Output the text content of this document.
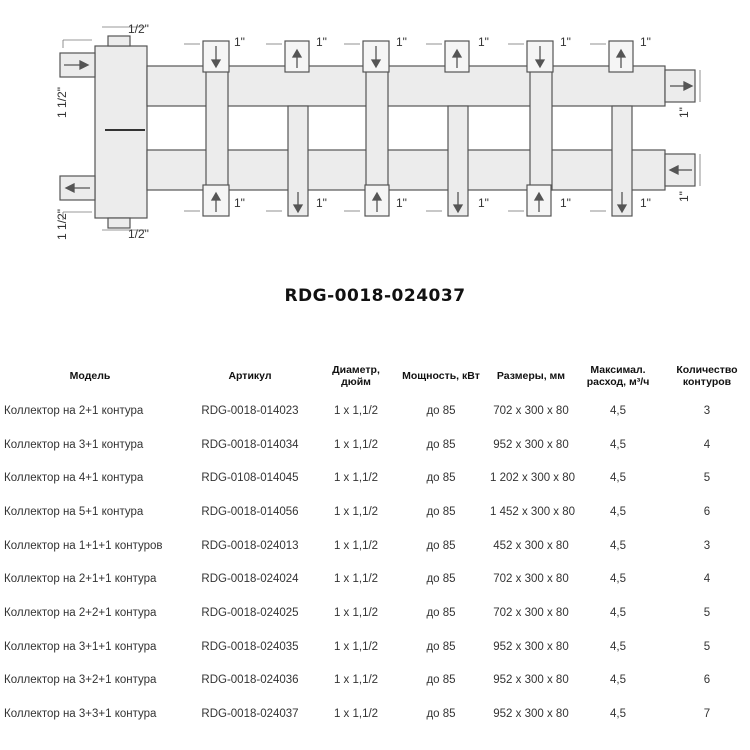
1/2"
1/2"
1 1/2"
1 1/2"
1"	1"	1"	1"	1"	1"
1"	1"	1"	1"	1"	1"
1"
1"
RDG-0018-024037
Модель	Артикул	Диаметр, дюйм	Мощность, кВт	Размеры, мм	Максимал. расход, м³/ч	Количество контуров
Коллектор на 2+1 контура	RDG-0018-014023	1 x 1,1/2	до 85	702 x 300 x 80	4,5	3
Коллектор на 3+1 контура	RDG-0018-014034	1 x 1,1/2	до 85	952 x 300 x 80	4,5	4
Коллектор на 4+1 контура	RDG-0108-014045	1 x 1,1/2	до 85	1 202 x 300 x 80	4,5	5
Коллектор на 5+1 контура	RDG-0018-014056	1 x 1,1/2	до 85	1 452 x 300 x 80	4,5	6
Коллектор на 1+1+1 контуров	RDG-0018-024013	1 x 1,1/2	до 85	452 x 300 x 80	4,5	3
Коллектор на 2+1+1 контура	RDG-0018-024024	1 x 1,1/2	до 85	702 x 300 x 80	4,5	4
Коллектор на 2+2+1 контура	RDG-0018-024025	1 x 1,1/2	до 85	702 x 300 x 80	4,5	5
Коллектор на 3+1+1 контура	RDG-0018-024035	1 x 1,1/2	до 85	952 x 300 x 80	4,5	5
Коллектор на 3+2+1 контура	RDG-0018-024036	1 x 1,1/2	до 85	952 x 300 x 80	4,5	6
Коллектор на 3+3+1 контура	RDG-0018-024037	1 x 1,1/2	до 85	952 x 300 x 80	4,5	7
